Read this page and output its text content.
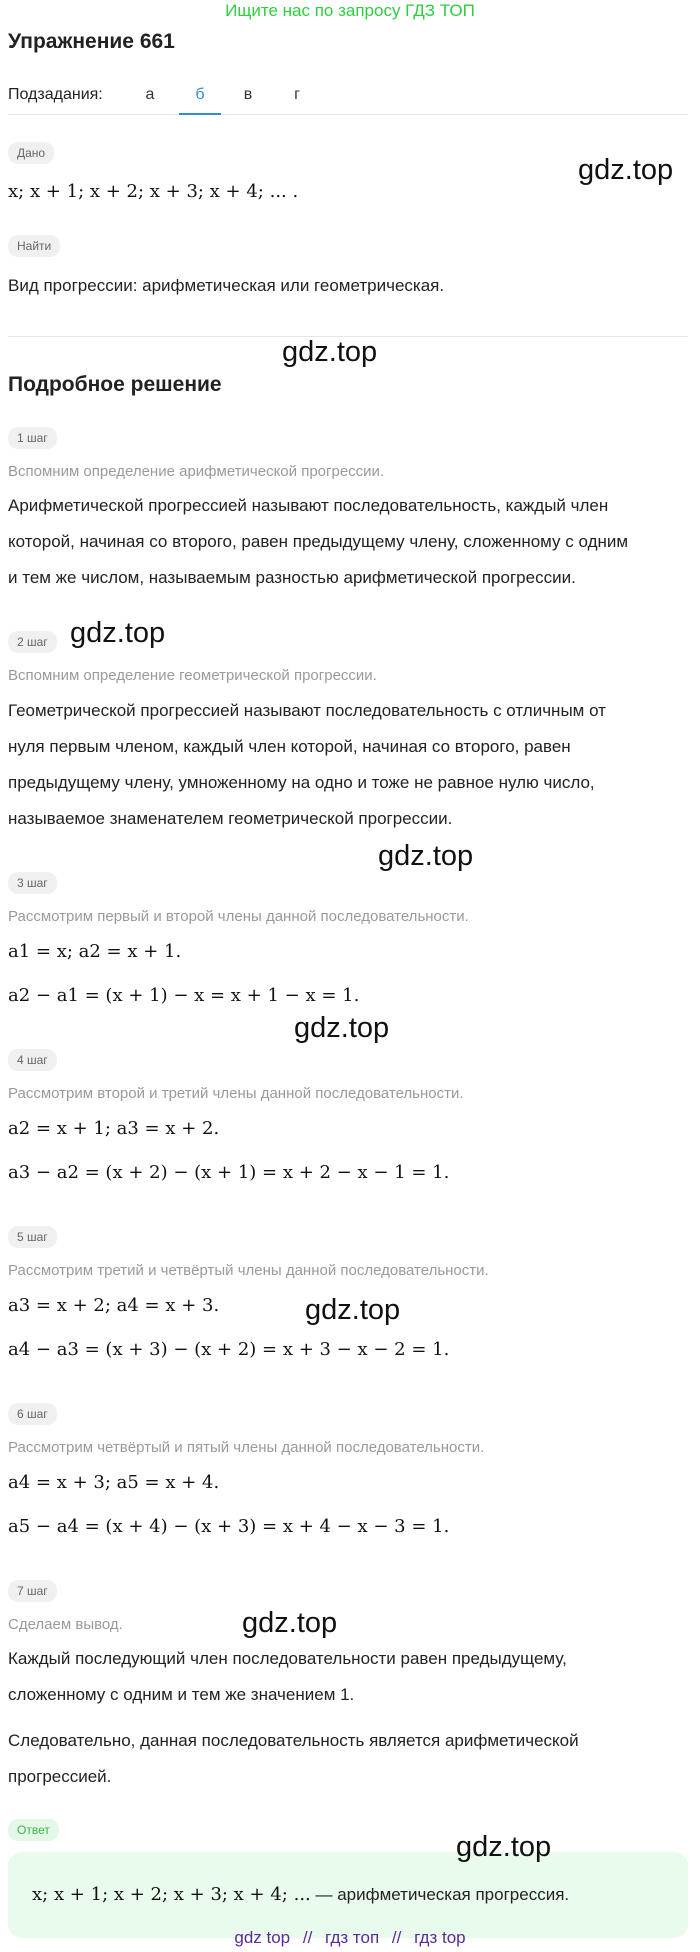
Ищите нас по запросу ГДЗ ТОП
Упражнение 661
Подзадания:	а	б	в	г
Дано
x; x + 1; x + 2; x + 3; x + 4; ... .
Найти
Вид прогрессии: арифметическая или геометрическая.
Подробное решение
1 шаг
Вспомним определение арифметической прогрессии.
Арифметической прогрессией называют последовательность, каждый член
которой, начиная со второго, равен предыдущему члену, сложенному с одним
и тем же числом, называемым разностью арифметической прогрессии.
2 шаг
Вспомним определение геометрической прогрессии.
Геометрической прогрессией называют последовательность с отличным от
нуля первым членом, каждый член которой, начиная со второго, равен
предыдущему члену, умноженному на одно и тоже не равное нулю число,
называемое знаменателем геометрической прогрессии.
3 шаг
Рассмотрим первый и второй члены данной последовательности.
a1 = x; a2 = x + 1.
a2 − a1 = (x + 1) − x = x + 1 − x = 1.
4 шаг
Рассмотрим второй и третий члены данной последовательности.
a2 = x + 1; a3 = x + 2.
a3 − a2 = (x + 2) − (x + 1) = x + 2 − x − 1 = 1.
5 шаг
Рассмотрим третий и четвёртый члены данной последовательности.
a3 = x + 2; a4 = x + 3.
a4 − a3 = (x + 3) − (x + 2) = x + 3 − x − 2 = 1.
6 шаг
Рассмотрим четвёртый и пятый члены данной последовательности.
a4 = x + 3; a5 = x + 4.
a5 − a4 = (x + 4) − (x + 3) = x + 4 − x − 3 = 1.
7 шаг
Сделаем вывод.
Каждый последующий член последовательности равен предыдущему,
сложенному с одним и тем же значением 1.
Следовательно, данная последовательность является арифметической
прогрессией.
Ответ
x; x + 1; x + 2; x + 3; x + 4; ... — арифметическая прогрессия.
gdz.top
gdz.top
gdz.top
gdz.top
gdz.top
gdz.top
gdz.top
gdz.top
gdz top // гдз топ // гдз top
